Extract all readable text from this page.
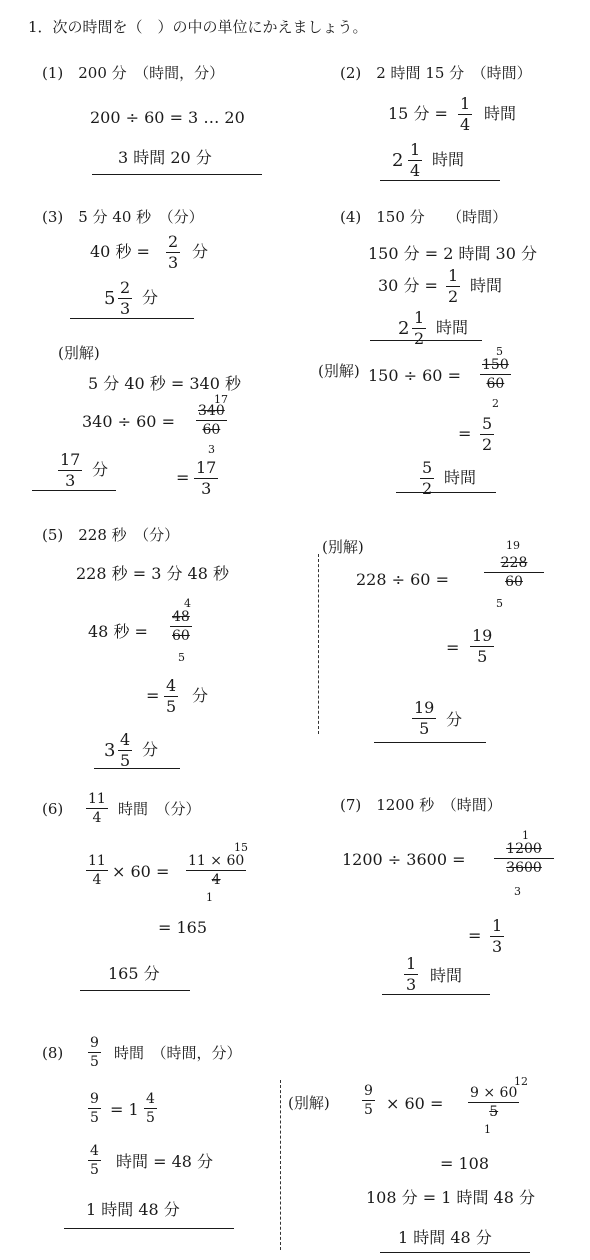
1．次の時間を（　）の中の単位にかえましょう。
(1)　200 分　（時間，分）
200 ÷ 60 = 3 … 20
3 時間 20 分
(2)　2 時間 15 分　（時間）
15 分 =
1
4
時間
2
1
4
時間
(3)　5 分 40 秒　（分）
40 秒 =
2
3
分
5
2
3
分
(別解)
5 分 40 秒 = 340 秒
340 ÷ 60 =
17
340
60
3
=
17
3
17
3
分
(4)　150 分　　（時間）
150 分 = 2 時間 30 分
30 分 =
1
2
時間
2
1
2
時間
(別解) 150 ÷ 60 =
5
150
60
2
=
5
2
5
2
時間
(5)　228 秒　（分）
228 秒 = 3 分 48 秒
48 秒 =
4
48
60
5
=
4
5
分
3
4
5
分
(別解)
228 ÷ 60 =
19
228
60
5
=
19
5
19
5 分
(6)
11
4 時間　（分）
11
4 × 60 =
15
11 × 60
4
1
= 165
165 分
(7)　1200 秒　（時間）
1200 ÷ 3600 =
1
1200
3600
3
=
1
3
1
3 時間
(8)
9
5 時間　（時間，分）
9
5 = 1
4
5
4
5 時間 = 48 分
1 時間 48 分
(別解)
9
5 × 60 =
12
9 × 60
5
1
= 108
108 分 = 1 時間 48 分
1 時間 48 分
